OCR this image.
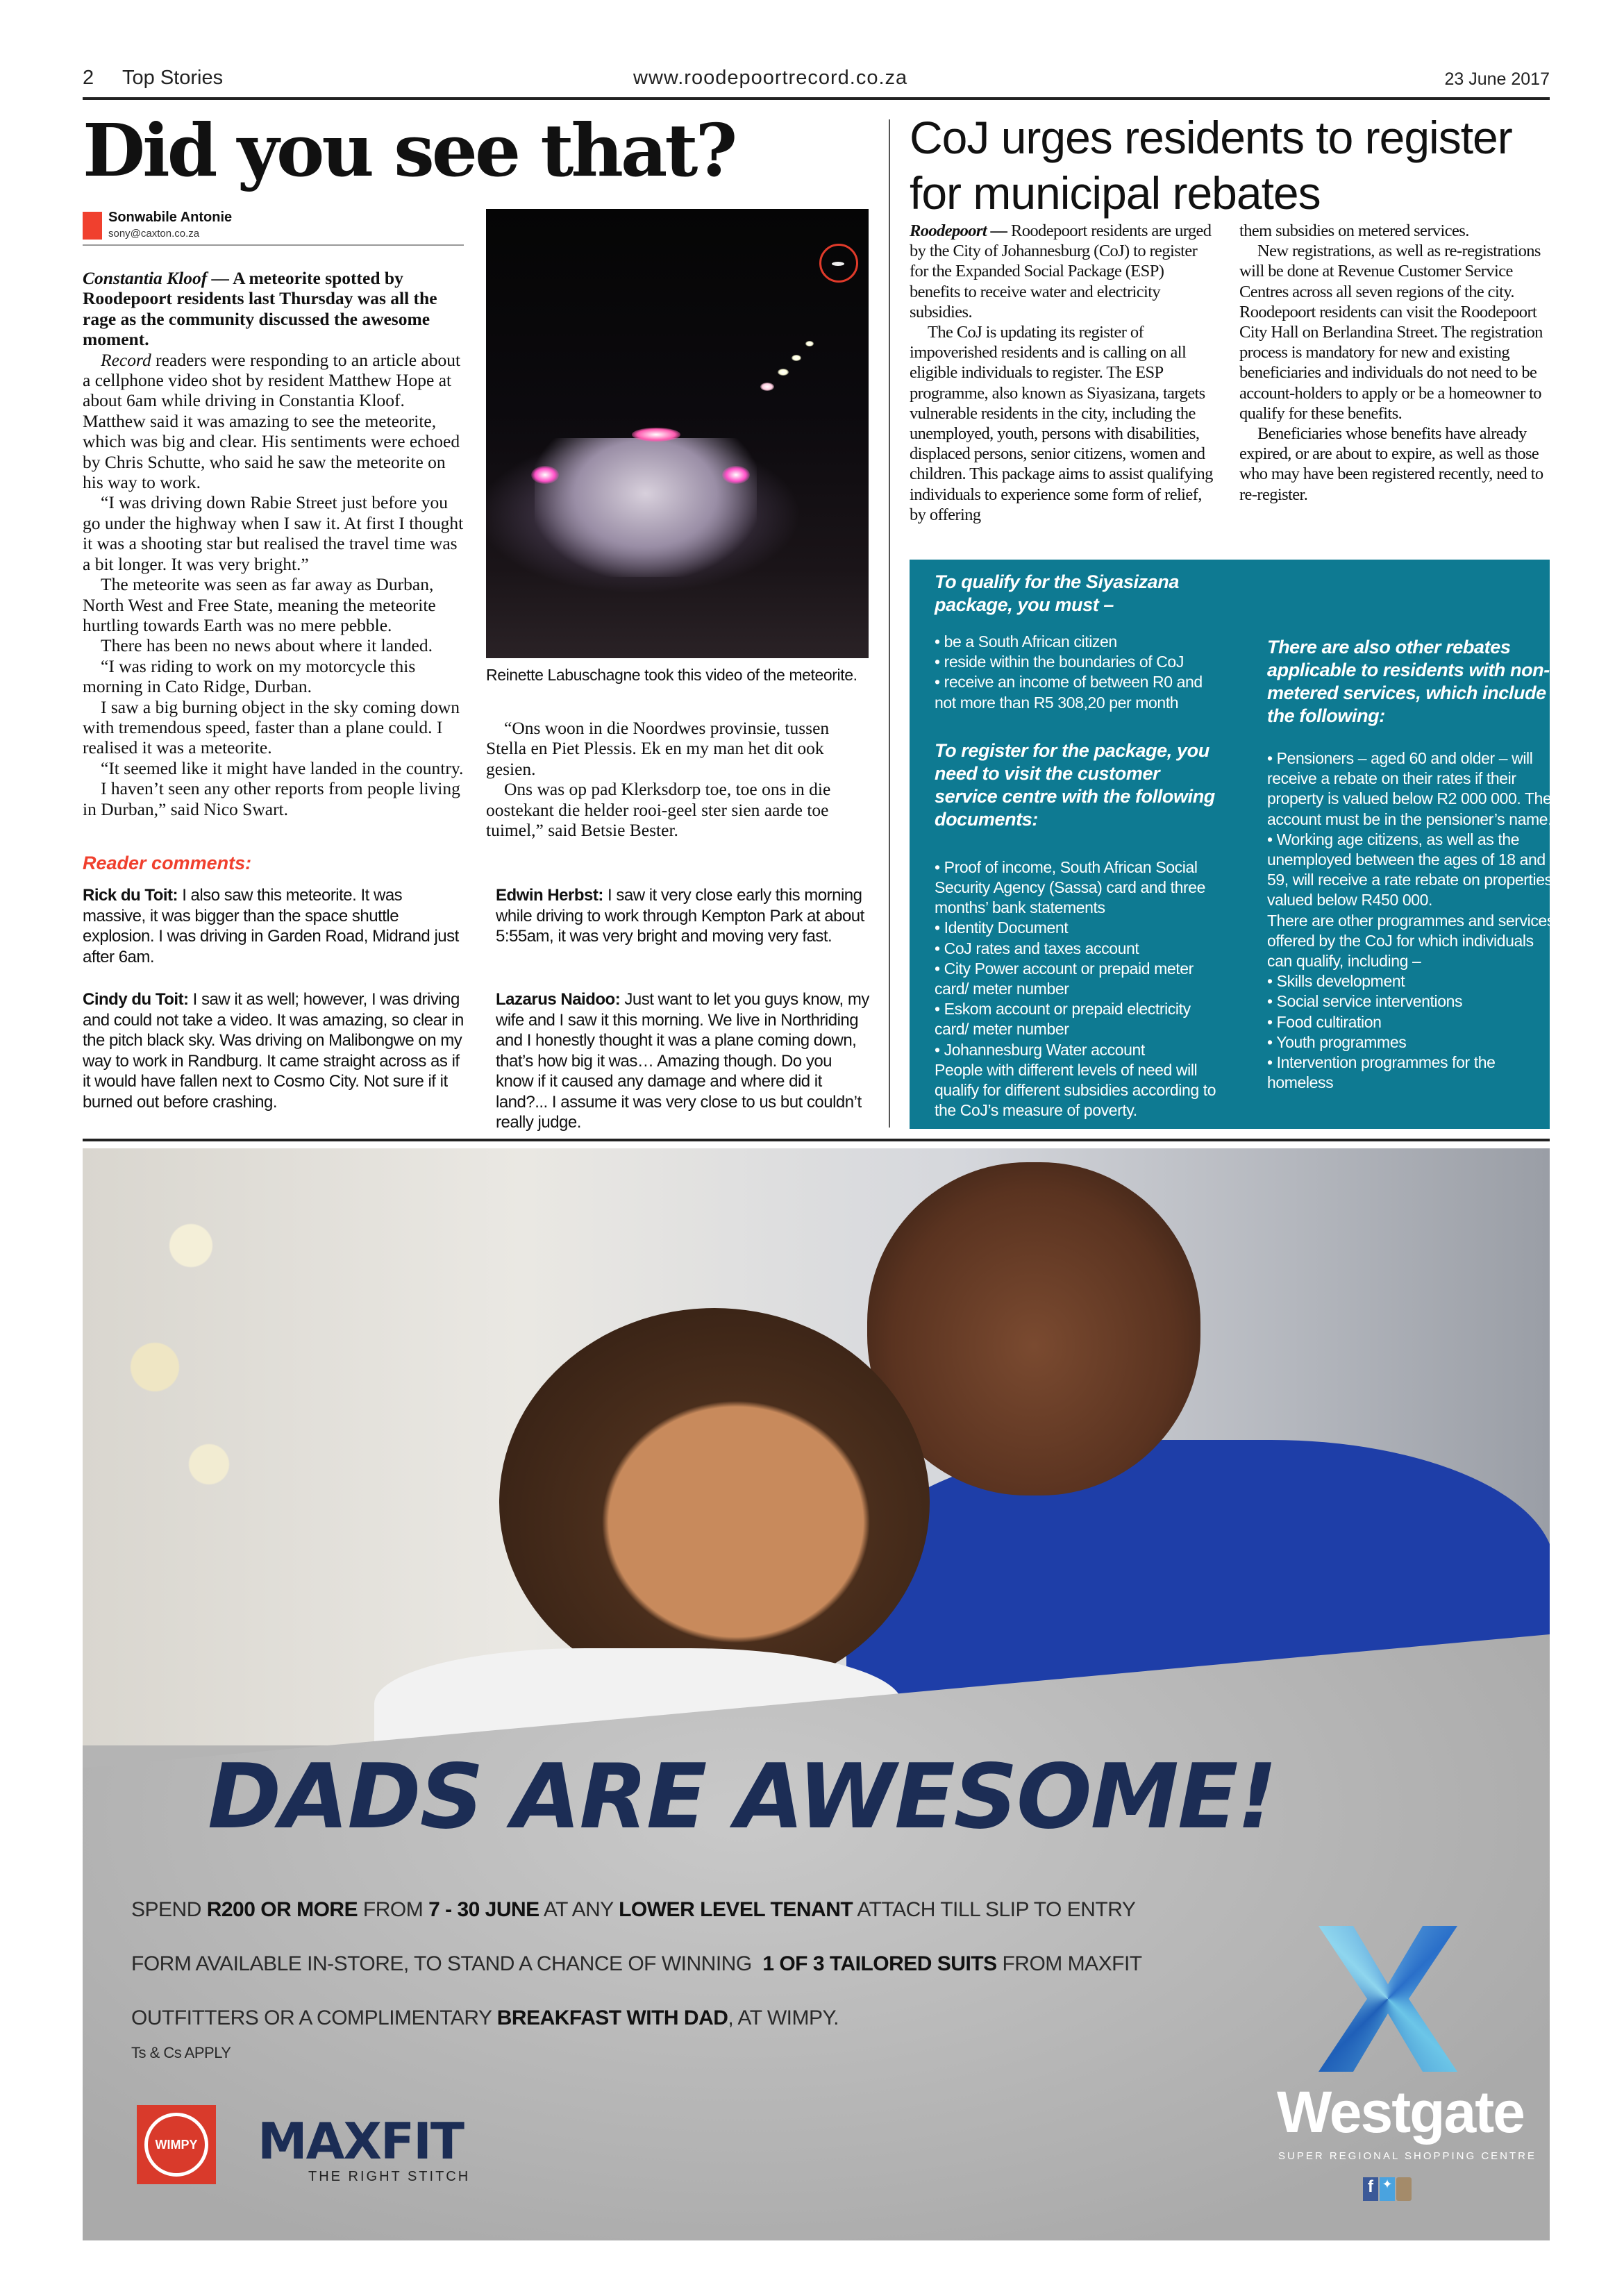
2 Top Stories	www.roodepoortrecord.co.za	23 June 2017
Did you see that?
Sonwabile Antonie
sony@caxton.co.za

Constantia Kloof — A meteorite spotted by Roodepoort residents last Thursday was all the rage as the community discussed the awesome moment.

Record readers were responding to an article about a cellphone video shot by resident Matthew Hope at about 6am while driving in Constantia Kloof. Matthew said it was amazing to see the meteorite, which was big and clear. His sentiments were echoed by Chris Schutte, who said he saw the meteorite on his way to work.

“I was driving down Rabie Street just before you go under the highway when I saw it. At first I thought it was a shooting star but realised the travel time was a bit longer. It was very bright.”

The meteorite was seen as far away as Durban, North West and Free State, meaning the meteorite hurtling towards Earth was no mere pebble.

There has been no news about where it landed.

“I was riding to work on my motorcycle this morning in Cato Ridge, Durban.

I saw a big burning object in the sky coming down with tremendous speed, faster than a plane could. I realised it was a meteorite.

“It seemed like it might have landed in the country.

I haven’t seen any other reports from people living in Durban,” said Nico Swart.

Reinette Labuschagne took this video of the meteorite.

“Ons woon in die Noordwes provinsie, tussen Stella en Piet Plessis. Ek en my man het dit ook gesien.

Ons was op pad Klerksdorp toe, toe ons in die oostekant die helder rooi-geel ster sien aarde toe tuimel,” said Betsie Bester.

Reader comments:
Rick du Toit: I also saw this meteorite. It was massive, it was bigger than the space shuttle explosion. I was driving in Garden Road, Midrand just after 6am.
Cindy du Toit: I saw it as well; however, I was driving and could not take a video. It was amazing, so clear in the pitch black sky. Was driving on Malibongwe on my way to work in Randburg. It came straight across as if it would have fallen next to Cosmo City. Not sure if it burned out before crashing.
Edwin Herbst: I saw it very close early this morning while driving to work through Kempton Park at about 5:55am, it was very bright and moving very fast.
Lazarus Naidoo: Just want to let you guys know, my wife and I saw it this morning. We live in Northriding and I honestly thought it was a plane coming down, that’s how big it was… Amazing though. Do you know if it caused any damage and where did it land?... I assume it was very close to us but couldn’t really judge.
CoJ urges residents to register for municipal rebates

Roodepoort — Roodepoort residents are urged by the City of Johannesburg (CoJ) to register for the Expanded Social Package (ESP) benefits to receive water and electricity subsidies.

The CoJ is updating its register of impoverished residents and is calling on all eligible individuals to register. The ESP programme, also known as Siyasizana, targets vulnerable residents in the city, including the unemployed, youth, persons with disabilities, displaced persons, senior citizens, women and children. This package aims to assist qualifying individuals to experience some form of relief, by offering

them subsidies on metered services.

New registrations, as well as re-registrations will be done at Revenue Customer Service Centres across all seven regions of the city. Roodepoort residents can visit the Roodepoort City Hall on Berlandina Street. The registration process is mandatory for new and existing beneficiaries and individuals do not need to be account-holders to apply or be a homeowner to qualify for these benefits.

Beneficiaries whose benefits have already expired, or are about to expire, as well as those who may have been registered recently, need to re-register.

To qualify for the Siyasizana package, you must –
• be a South African citizen
• reside within the boundaries of CoJ
• receive an income of between R0 and not more than R5 308,20 per month
To register for the package, you need to visit the customer service centre with the following documents:
• Proof of income, South African Social Security Agency (Sassa) card and three months’ bank statements
• Identity Document
• CoJ rates and taxes account
• City Power account or prepaid meter card/ meter number
• Eskom account or prepaid electricity card/ meter number
• Johannesburg Water account

People with different levels of need will qualify for different subsidies according to the CoJ’s measure of poverty.

There are also other rebates applicable to residents with non-metered services, which include the following:
• Pensioners – aged 60 and older – will receive a rebate on their rates if their property is valued below R2 000 000. The account must be in the pensioner’s name.
• Working age citizens, as well as the unemployed between the ages of 18 and 59, will receive a rate rebate on properties valued below R450 000.

There are other programmes and services offered by the CoJ for which individuals can qualify, including –

• Skills development
• Social service interventions
• Food cultiration
• Youth programmes
• Intervention programmes for the homeless
DADS ARE AWESOME!
SPEND R200 OR MORE FROM 7 - 30 JUNE AT ANY LOWER LEVEL TENANT ATTACH TILL SLIP TO ENTRY
FORM AVAILABLE IN-STORE, TO STAND A CHANCE OF WINNING  1 OF 3 TAILORED SUITS FROM MAXFIT
OUTFITTERS OR A COMPLIMENTARY BREAKFAST WITH DAD, AT WIMPY.
Ts & Cs APPLY
WIMPY MAXFIT
THE RIGHT STITCH
Westgate
SUPER REGIONAL SHOPPING CENTRE
f ✦
